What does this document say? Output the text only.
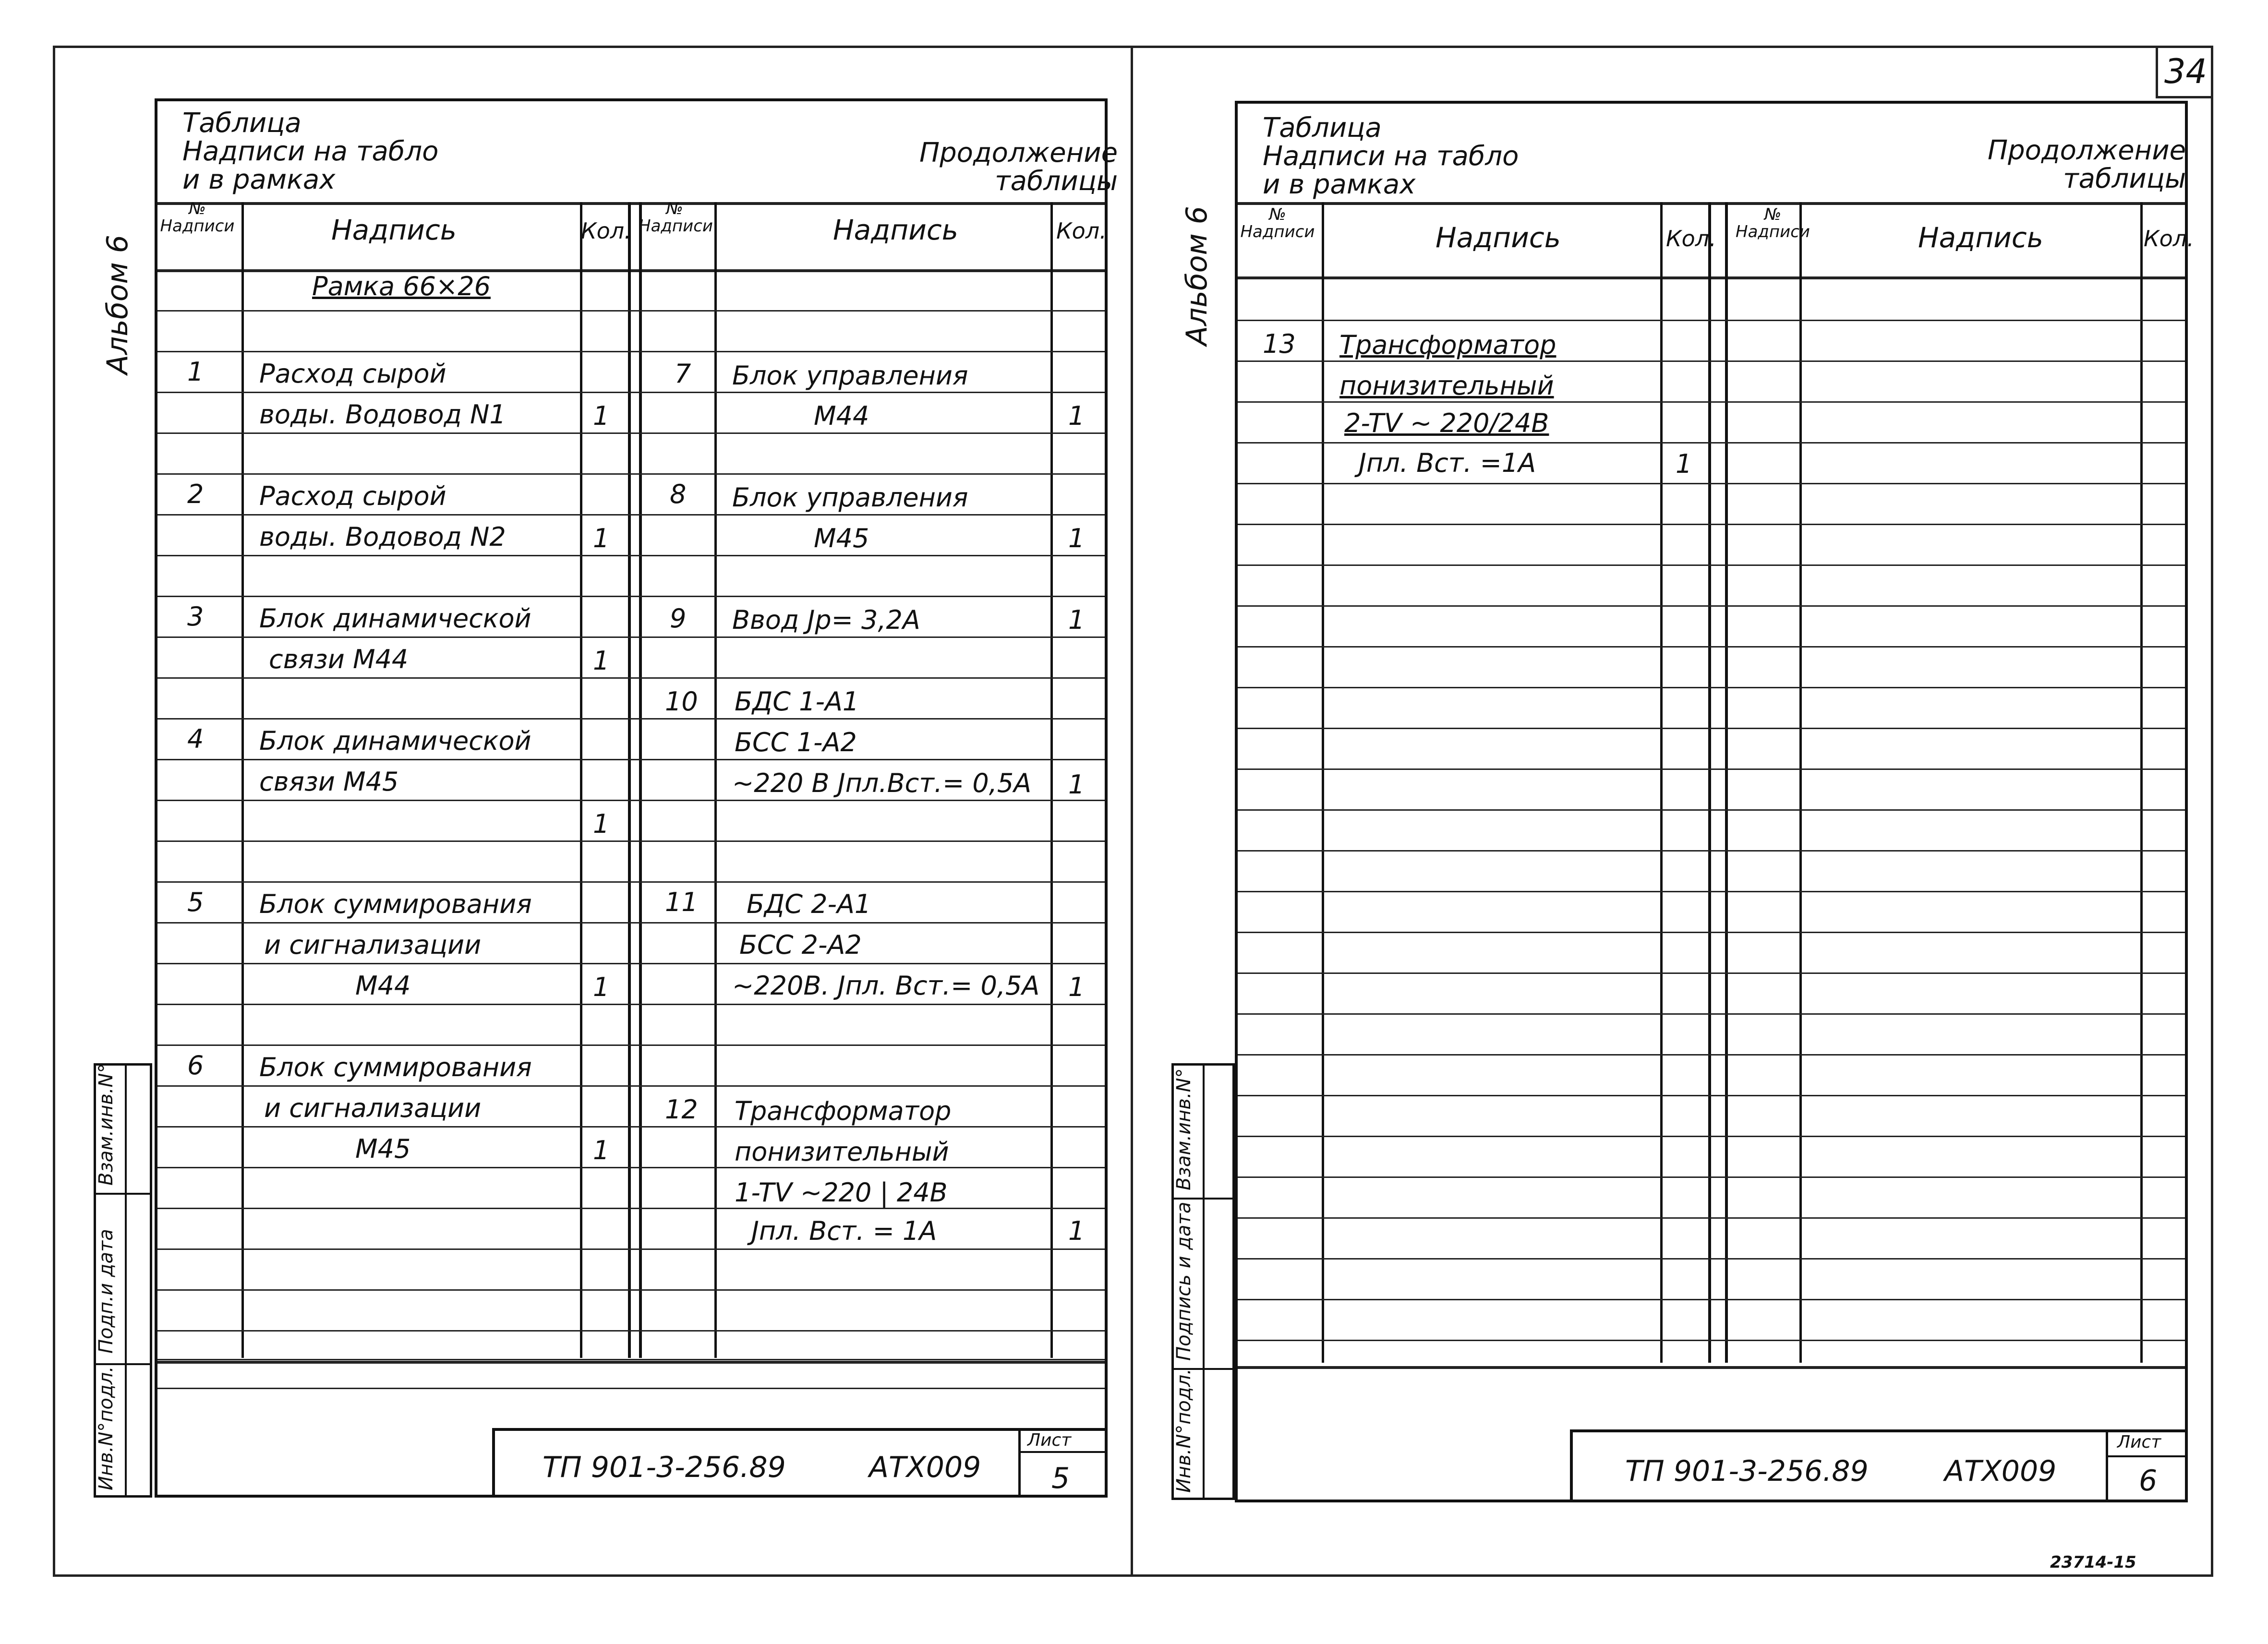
34
Альбом 6
Таблица
Надписи на табло
и в рамках
Продолжение
таблицы
№
Надписи	Надпись	Кол.
№
Надписи	Надпись	Кол.
Рамка 66×26
1 Расход сырой
воды. Водовод N1	1
2 Расход сырой
воды. Водовод N2	1
3 Блок динамической
связи М44	1
4 Блок динамической
связи М45
1
5 Блок суммирования
и сигнализации
М44	1
6 Блок суммирования
и сигнализации
М45	1
7 Блок управления
М44	1
8 Блок управления
М45	1
9 Ввод Jр= 3,2А	1
10 БДС 1-А1
БСС 1-А2
~220 В Jпл.Вст.= 0,5А 1
11 БДС 2-А1
БСС 2-А2
~220В. Jпл. Вст.= 0,5А 1
12 Трансформатор
понизительный
1-TV ~220 | 24В
Jпл. Вст. = 1А	1
Инв.N°подл.
Подп.и дата
Взам.инв.N°
ТП 901-3-256.89	АТХ009
Лист
5
Альбом 6
Таблица
Надписи на табло
и в рамках
Продолжение
таблицы
№
Надписи	Надпись	Кол.
№
Надписи	Надпись	Кол.
13 Трансформатор
понизительный
2-TV ~ 220/24В
Jпл. Вст. =1А	1
Инв.N°подл.
Подпись и дата
Взам.инв.N°
ТП 901-3-256.89	АТХ009
Лист
6
23714-15
